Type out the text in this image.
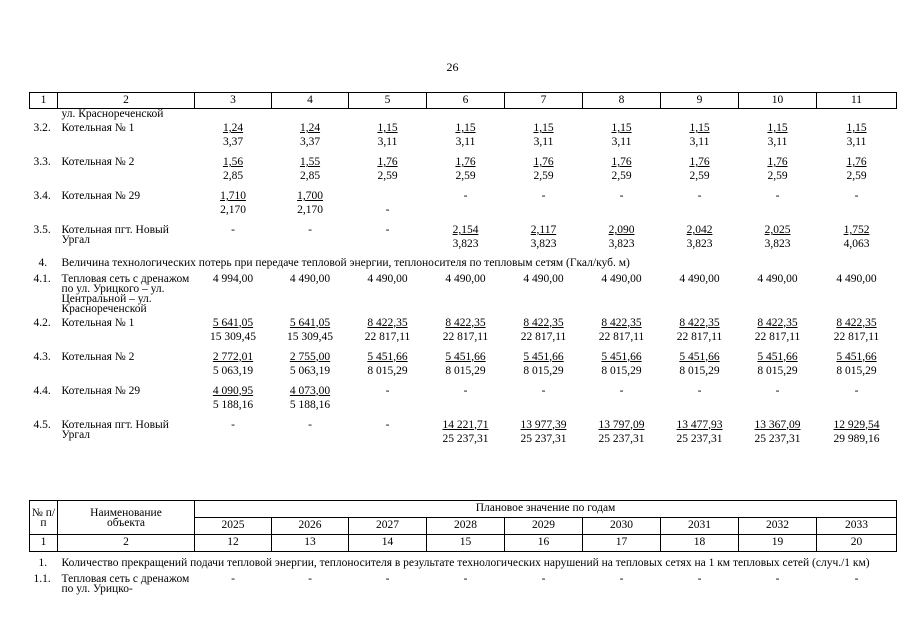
26
1	2	3	4	5	6	7	8	9	10	11
	ул. Краснореченской									
3.2.	Котельная № 1	1,24	1,24	1,15	1,15	1,15	1,15	1,15	1,15	1,15
		3,37	3,37	3,11	3,11	3,11	3,11	3,11	3,11	3,11
3.3.	Котельная № 2	1,56	1,55	1,76	1,76	1,76	1,76	1,76	1,76	1,76
		2,85	2,85	2,59	2,59	2,59	2,59	2,59	2,59	2,59
3.4.	Котельная № 29	1,710	1,700		-	-	-	-	-	-
		2,170	2,170	-						
3.5.	Котельная пгт. Новый Ургал	-	-	-	2,154	2,117	2,090	2,042	2,025	1,752
					3,823	3,823	3,823	3,823	3,823	4,063
4.	Величина технологических потерь при передаче тепловой энергии, теплоносителя по тепловым сетям (Гкал/куб. м)									
4.1.	Тепловая сеть с дренажом по ул. Урицкого – ул. Центральной – ул. Краснореченской	4 994,00	4 490,00	4 490,00	4 490,00	4 490,00	4 490,00	4 490,00	4 490,00	4 490,00
4.2.	Котельная № 1	5 641,05	5 641,05	8 422,35	8 422,35	8 422,35	8 422,35	8 422,35	8 422,35	8 422,35
		15 309,45	15 309,45	22 817,11	22 817,11	22 817,11	22 817,11	22 817,11	22 817,11	22 817,11
4.3.	Котельная № 2	2 772,01	2 755,00	5 451,66	5 451,66	5 451,66	5 451,66	5 451,66	5 451,66	5 451,66
		5 063,19	5 063,19	8 015,29	8 015,29	8 015,29	8 015,29	8 015,29	8 015,29	8 015,29
4.4.	Котельная № 29	4 090,95	4 073,00	-	-	-	-	-	-	-
		5 188,16	5 188,16							
4.5.	Котельная пгт. Новый Ургал	-	-	-	14 221,71	13 977,39	13 797,09	13 477,93	13 367,09	12 929,54
					25 237,31	25 237,31	25 237,31	25 237,31	25 237,31	29 989,16
№ п/п	Наименование объекта	Плановое значение по годам								
		2025	2026	2027	2028	2029	2030	2031	2032	2033
1	2	12	13	14	15	16	17	18	19	20
1.	Количество прекращений подачи тепловой энергии, теплоносителя в результате технологических нарушений на тепловых сетях на 1 км тепловых сетей (случ./1 км)									
1.1.	Тепловая сеть с дренажом по ул. Урицко-	-	-	-	-	-	-	-	-	-
